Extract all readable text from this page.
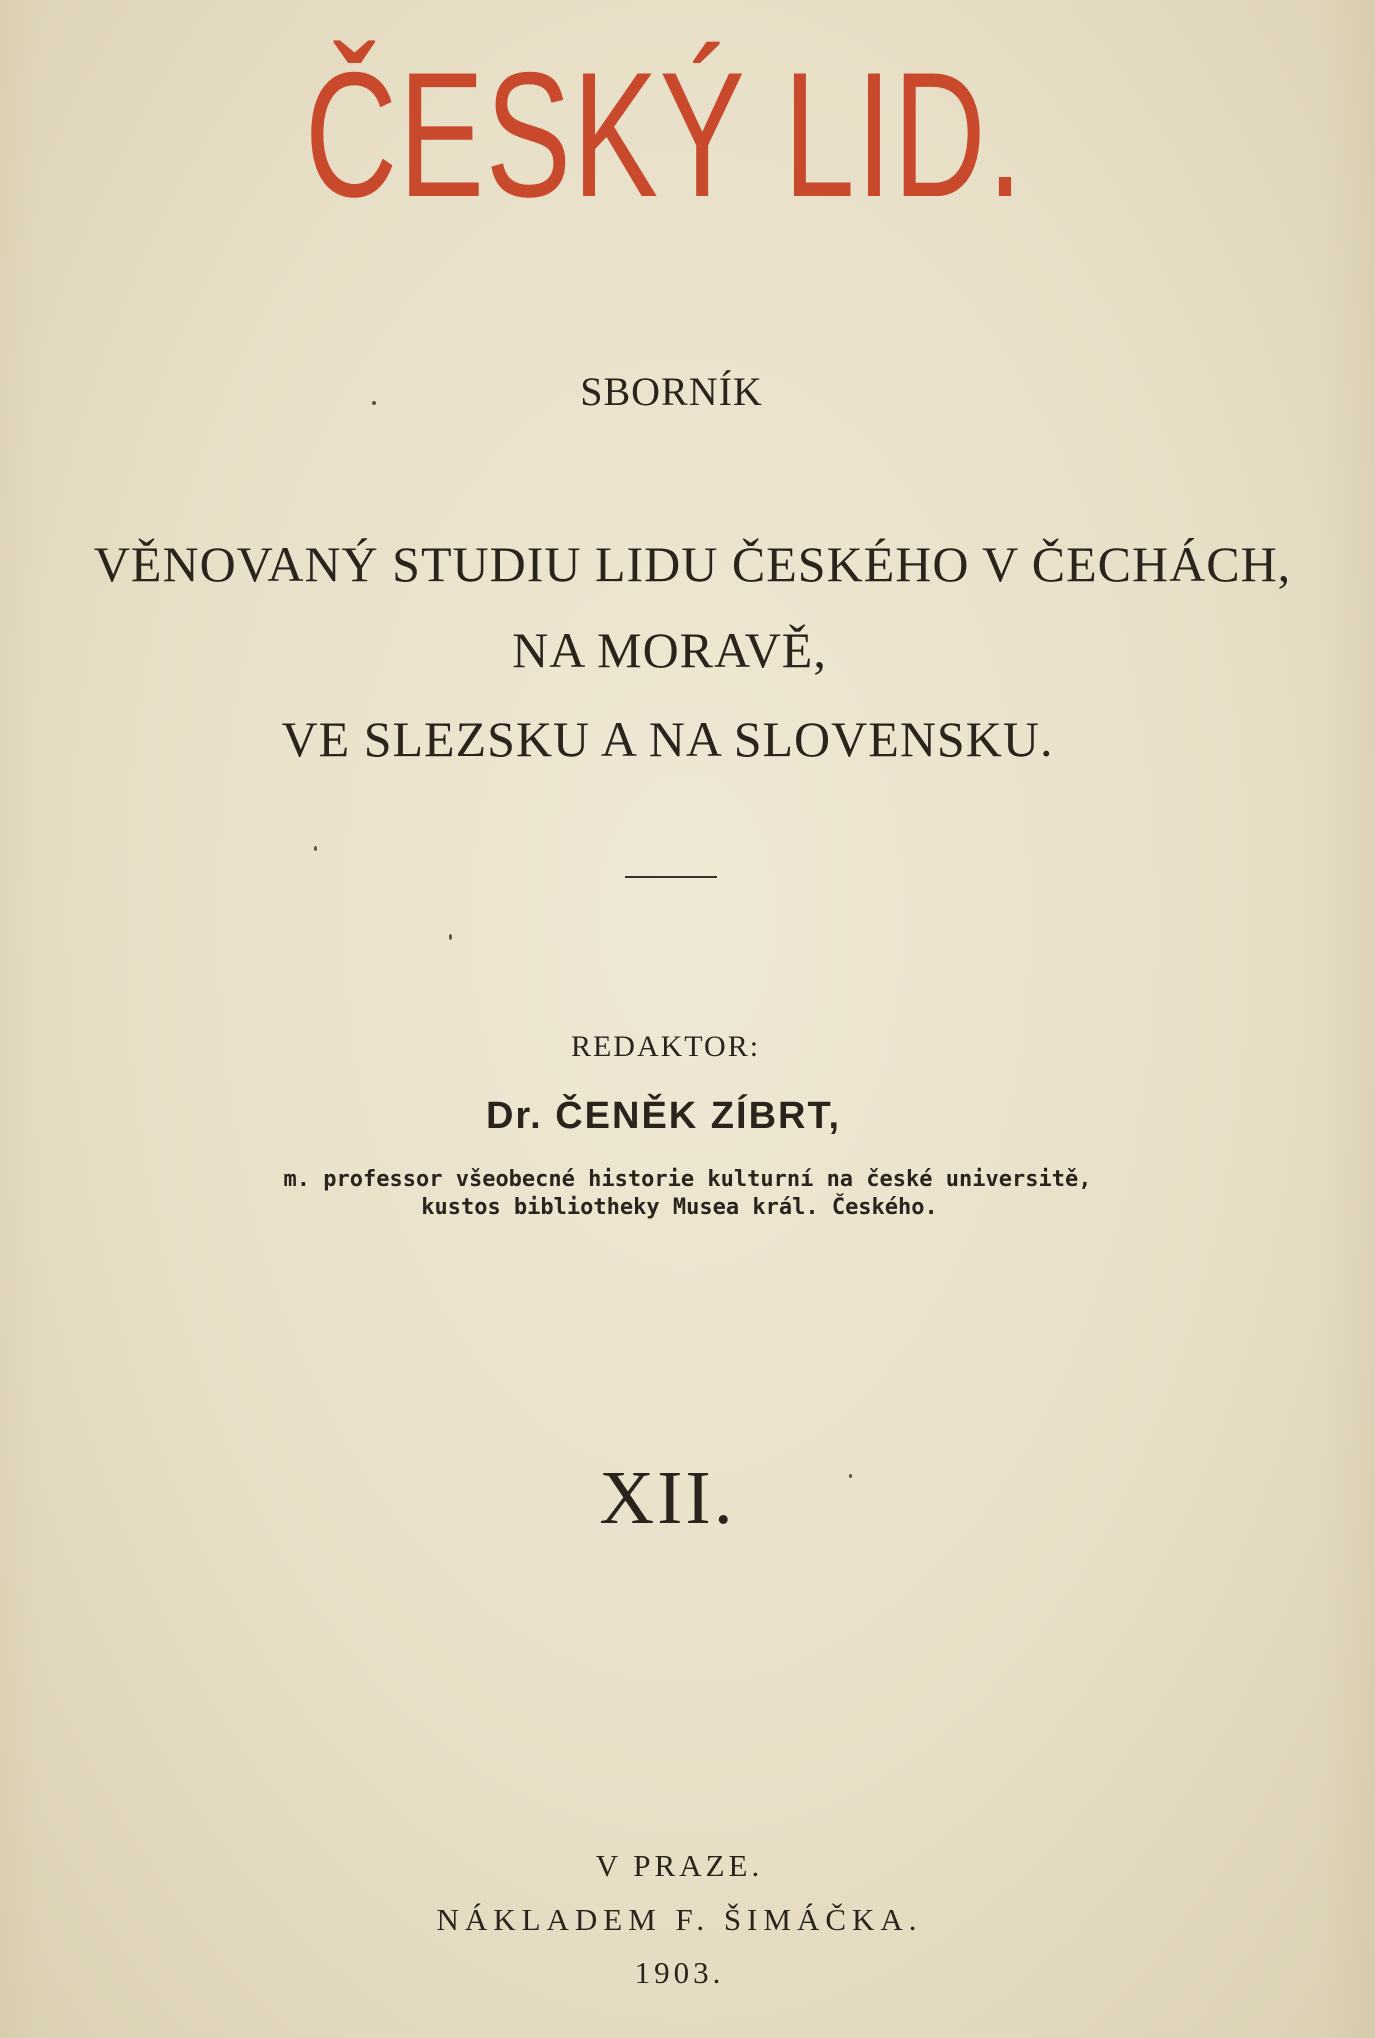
ČESKÝ LID.
SBORNÍK
VĚNOVANÝ STUDIU LIDU ČESKÉHO V ČECHÁCH,
NA MORAVĚ,
VE SLEZSKU A NA SLOVENSKU.
REDAKTOR:
Dr. ČENĚK ZÍBRT,
m. professor všeobecné historie kulturní na české universitě,
kustos bibliotheky Musea král. Českého.
XII.
V PRAZE.
NÁKLADEM F. ŠIMÁČKA.
1903.
